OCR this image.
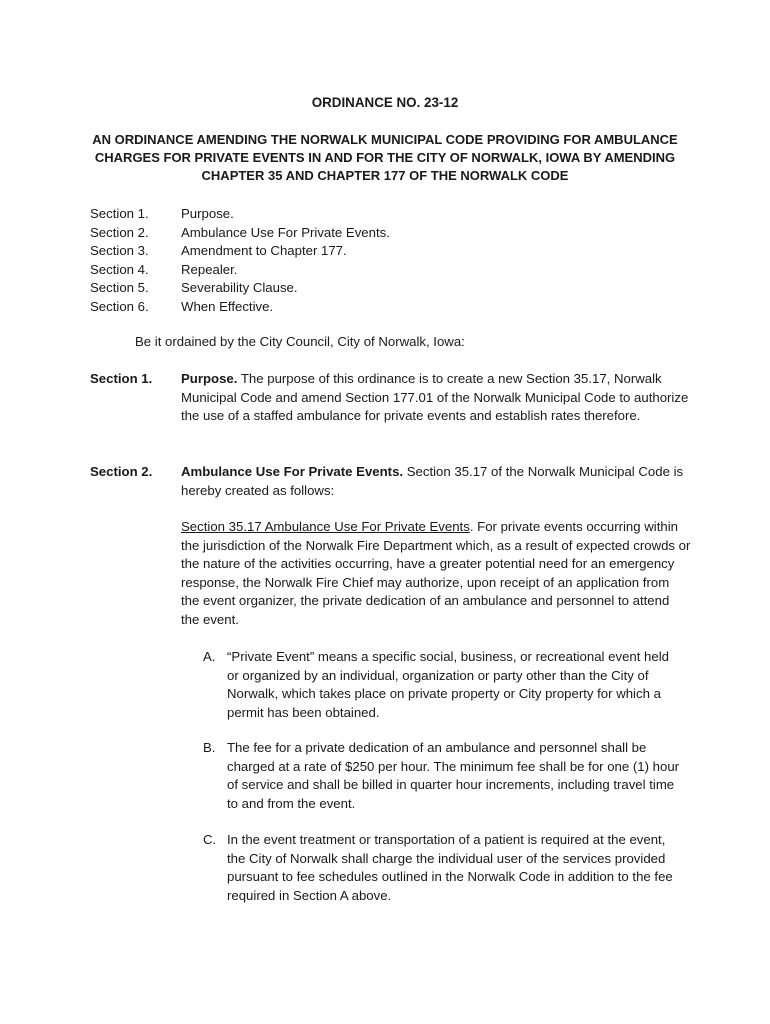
ORDINANCE NO. 23-12
AN ORDINANCE AMENDING THE NORWALK MUNICIPAL CODE PROVIDING FOR AMBULANCE
CHARGES FOR PRIVATE EVENTS IN AND FOR THE CITY OF NORWALK, IOWA BY AMENDING
CHAPTER 35 AND CHAPTER 177 OF THE NORWALK CODE
Section 1.	Purpose.
Section 2.	Ambulance Use For Private Events.
Section 3.	Amendment to Chapter 177.
Section 4.	Repealer.
Section 5.	Severability Clause.
Section 6.	When Effective.
Be it ordained by the City Council, City of Norwalk, Iowa:
Section 1.	Purpose. The purpose of this ordinance is to create a new Section 35.17, Norwalk Municipal Code and amend Section 177.01 of the Norwalk Municipal Code to authorize the use of a staffed ambulance for private events and establish rates therefore.
Section 2.	Ambulance Use For Private Events. Section 35.17 of the Norwalk Municipal Code is hereby created as follows:
Section 35.17 Ambulance Use For Private Events. For private events occurring within the jurisdiction of the Norwalk Fire Department which, as a result of expected crowds or the nature of the activities occurring, have a greater potential need for an emergency response, the Norwalk Fire Chief may authorize, upon receipt of an application from the event organizer, the private dedication of an ambulance and personnel to attend the event.
A. “Private Event” means a specific social, business, or recreational event held or organized by an individual, organization or party other than the City of Norwalk, which takes place on private property or City property for which a permit has been obtained.
B. The fee for a private dedication of an ambulance and personnel shall be charged at a rate of $250 per hour. The minimum fee shall be for one (1) hour of service and shall be billed in quarter hour increments, including travel time to and from the event.
C. In the event treatment or transportation of a patient is required at the event, the City of Norwalk shall charge the individual user of the services provided pursuant to fee schedules outlined in the Norwalk Code in addition to the fee required in Section A above.
